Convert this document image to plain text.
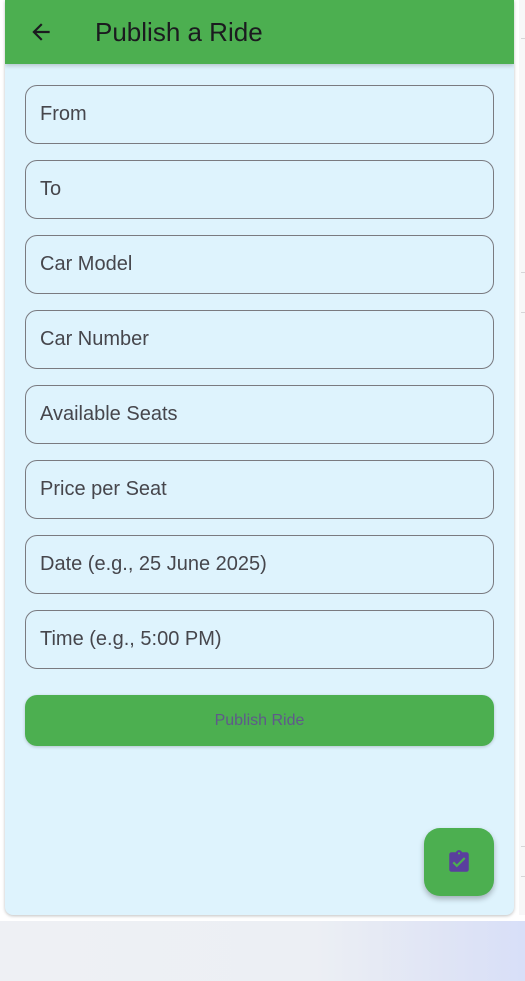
Publish a Ride
From
To
Car Model
Car Number
Available Seats
Price per Seat
Date (e.g., 25 June 2025)
Time (e.g., 5:00 PM)
Publish Ride
